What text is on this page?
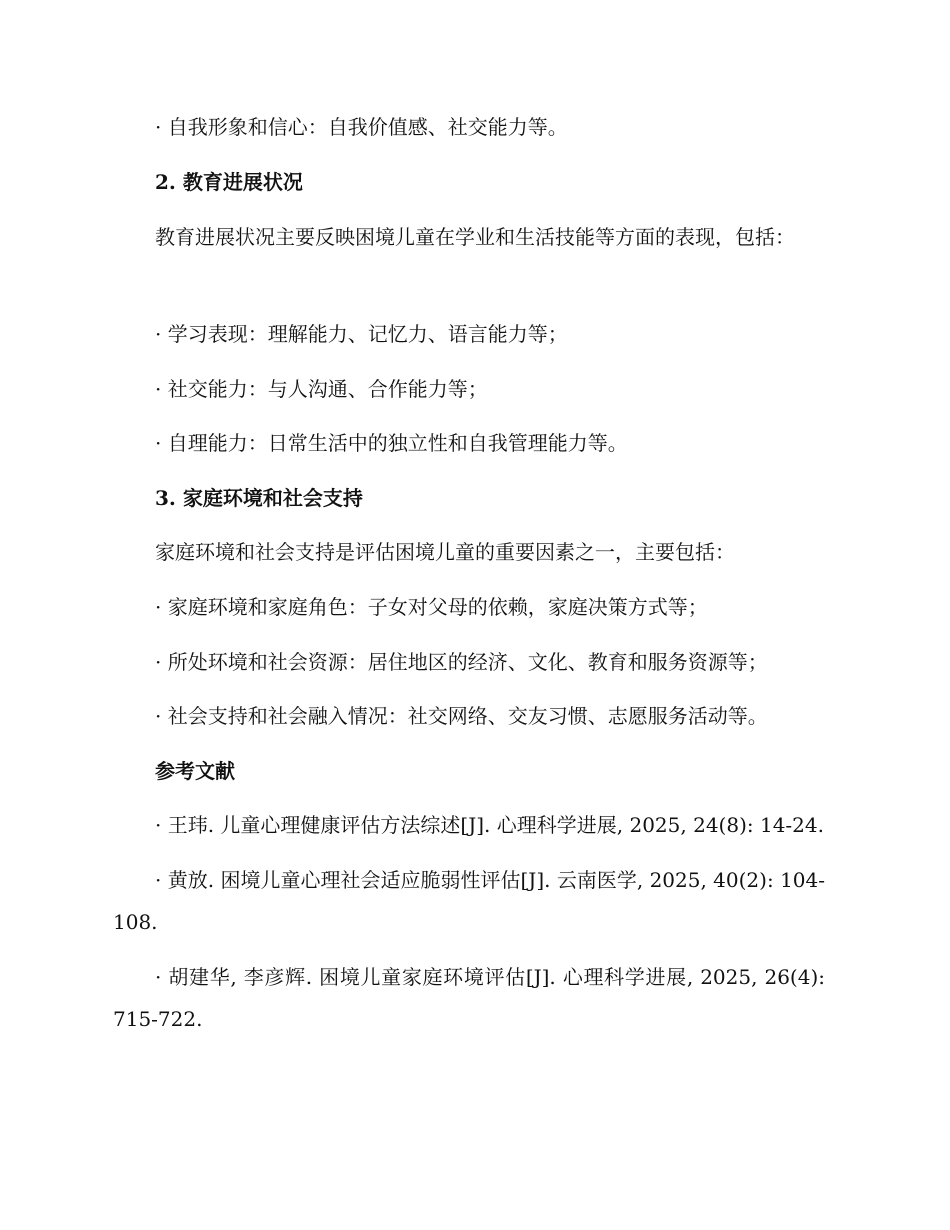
· 自我形象和信心：自我价值感、社交能力等。
2. 教育进展状况
教育进展状况主要反映困境儿童在学业和生活技能等方面的表现，包括：
· 学习表现：理解能力、记忆力、语言能力等；
· 社交能力：与人沟通、合作能力等；
· 自理能力：日常生活中的独立性和自我管理能力等。
3. 家庭环境和社会支持
家庭环境和社会支持是评估困境儿童的重要因素之一，主要包括：
· 家庭环境和家庭角色：子女对父母的依赖，家庭决策方式等；
· 所处环境和社会资源：居住地区的经济、文化、教育和服务资源等；
· 社会支持和社会融入情况：社交网络、交友习惯、志愿服务活动等。
参考文献
· 王玮. 儿童心理健康评估方法综述[J]. 心理科学进展, 2025, 24(8): 14-24.
· 黄放. 困境儿童心理社会适应脆弱性评估[J]. 云南医学, 2025, 40(2): 104-108.
· 胡建华, 李彦辉. 困境儿童家庭环境评估[J]. 心理科学进展, 2025, 26(4): 715-722.
